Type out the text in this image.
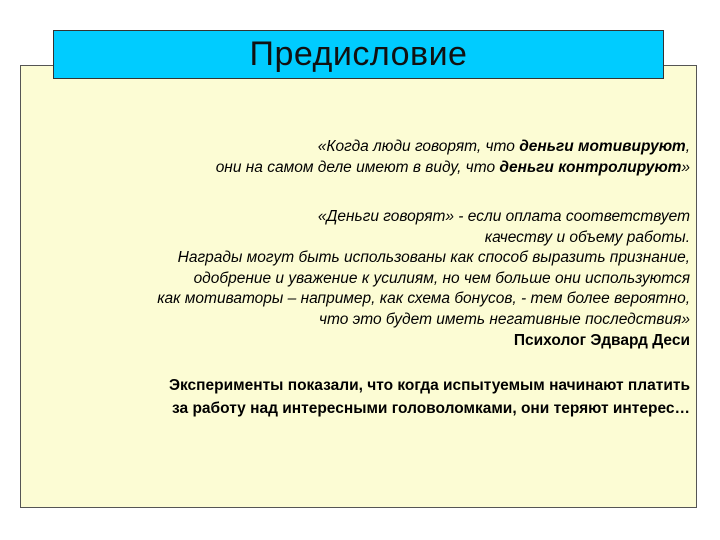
Предисловие
«Когда люди говорят, что деньги мотивируют,
они на самом деле имеют в виду, что деньги контролируют»
«Деньги говорят» - если оплата соответствует
качеству и объему работы.
Награды могут быть использованы как способ выразить признание,
одобрение и уважение к усилиям, но чем больше они используются
как мотиваторы – например, как схема бонусов, - тем более вероятно,
что это будет иметь негативные последствия»
Психолог Эдвард Деси
Эксперименты показали, что когда испытуемым начинают платить
за работу над интересными головоломками, они теряют интерес…
